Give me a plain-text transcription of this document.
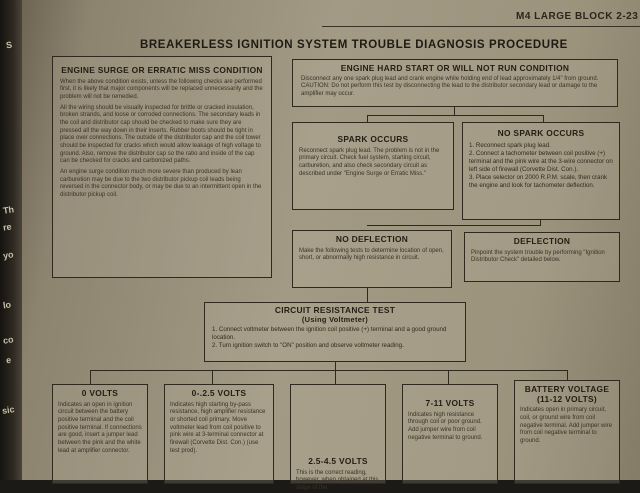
S
Th
re
yo
lo
co
e
sic
M4 LARGE BLOCK 2-23
BREAKERLESS IGNITION SYSTEM TROUBLE DIAGNOSIS PROCEDURE
ENGINE SURGE OR ERRATIC MISS CONDITION

When the above condition exists, unless the following checks are performed first, it is likely that major components will be replaced unnecessarily and the problem will not be remedied.

All the wiring should be visually inspected for brittle or cracked insulation, broken strands, and loose or corroded connections. The secondary leads in the coil and distributor cap should be checked to make sure they are pressed all the way down in their inserts. Rubber boots should be tight in place over connections. The outside of the distributor cap and the coil tower should be inspected for cracks which would allow leakage of high voltage to ground. Also, remove the distributor cap so the ratio and inside of the cap can be checked for cracks and carbonized paths.

An engine surge condition much more severe than produced by lean carburetion may be due to the two distributor pickup coil leads being reversed in the connector body, or may be due to an intermittent open in the distributor pickup coil.

ENGINE HARD START OR WILL NOT RUN CONDITION
Disconnect any one spark plug lead and crank engine while holding end of lead approximately 1/4" from ground. CAUTION: Do not perform this test by disconnecting the lead to the distributor secondary lead or damage to the amplifier may occur.
SPARK OCCURS
Reconnect spark plug lead. The problem is not in the primary circuit. Check fuel system, starting circuit, carburetion, and also check secondary circuit as described under "Engine Surge or Erratic Miss."
NO SPARK OCCURS
1. Reconnect spark plug lead.
2. Connect a tachometer between coil positive (+) terminal and the pink wire at the 3-wire connector on left side of firewall (Corvette Dist. Con.).
3. Place selector on 2000 R.P.M. scale, then crank the engine and look for tachometer deflection.
NO DEFLECTION
Make the following tests to determine location of open, short, or abnormally high resistance in circuit.
DEFLECTION
Pinpoint the system trouble by performing "Ignition Distributor Check" detailed below.
CIRCUIT RESISTANCE TEST
(Using Voltmeter)
1. Connect voltmeter between the ignition coil positive (+) terminal and a good ground location.
2. Turn ignition switch to "ON" position and observe voltmeter reading.
0 VOLTS
Indicates an open in ignition circuit between the battery positive terminal and the coil positive terminal. If connections are good, insert a jumper lead between the pink and the white lead at amplifier connector.
0-.2.5 VOLTS
Indicates high starting by-pass resistance, high amplifier resistance or shorted coil primary. Move voltmeter lead from coil positive to pink wire at 3-terminal connector at firewall (Corvette Dist. Con.) (use test prod).
2.5-4.5 VOLTS
This is the correct reading, however, when obtained at this stage of the
7-11 VOLTS
Indicates high resistance through coil or poor ground. Add jumper wire from coil negative terminal to ground.
BATTERY VOLTAGE (11-12 VOLTS)
Indicates open in primary circuit, coil, or ground wire from coil negative terminal. Add jumper wire from coil negative terminal to ground.
